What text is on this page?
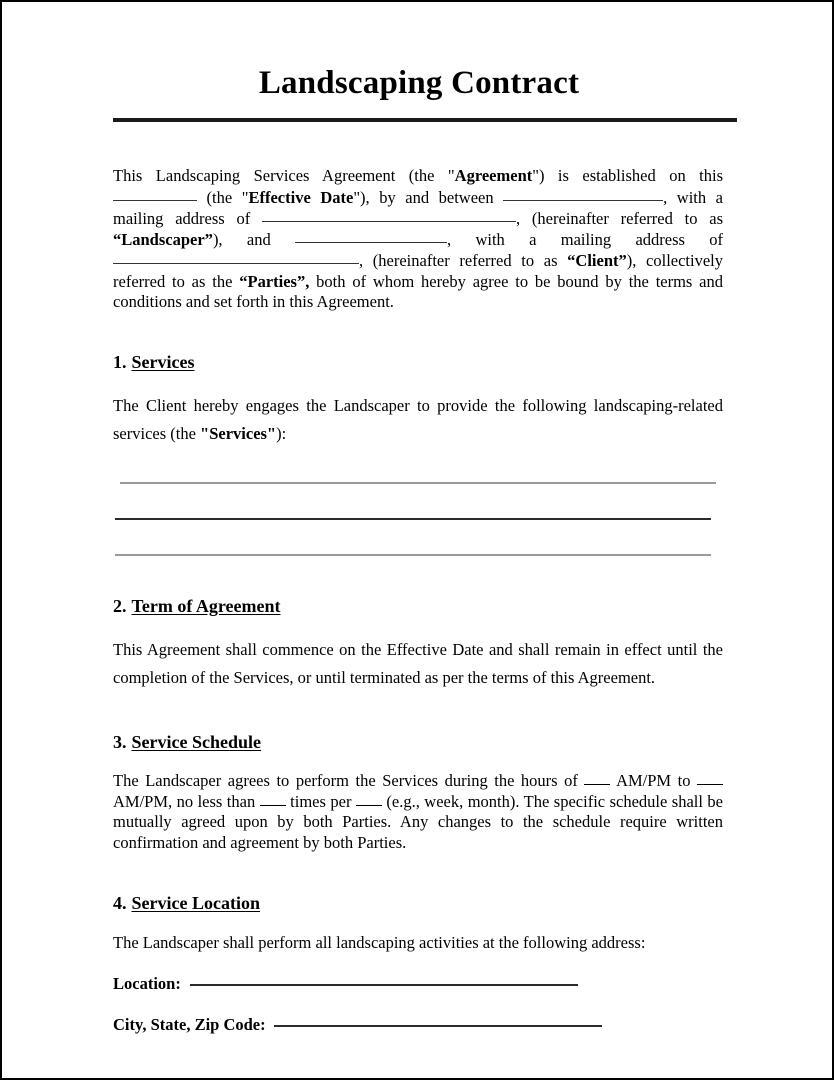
Landscaping Contract

This Landscaping Services Agreement (the "Agreement") is established on this  (the "Effective Date"), by and between	, with a mailing address of	, (hereinafter referred to as “Landscaper”), and	, with a mailing address of , (hereinafter referred to as “Client”), collectively referred to as the “Parties”, both of whom hereby agree to be bound by the terms and conditions and set forth in this Agreement.

1. Services

The Client hereby engages the Landscaper to provide the following landscaping-related services (the "Services"):

2. Term of Agreement

This Agreement shall commence on the Effective Date and shall remain in effect until the completion of the Services, or until terminated as per the terms of this Agreement.

3. Service Schedule

The Landscaper agrees to perform the Services during the hours of  AM/PM to  AM/PM, no less than  times per  (e.g., week, month). The specific schedule shall be mutually agreed upon by both Parties. Any changes to the schedule require written confirmation and agreement by both Parties.

4. Service Location

The Landscaper shall perform all landscaping activities at the following address:

Location:
City, State, Zip Code:
